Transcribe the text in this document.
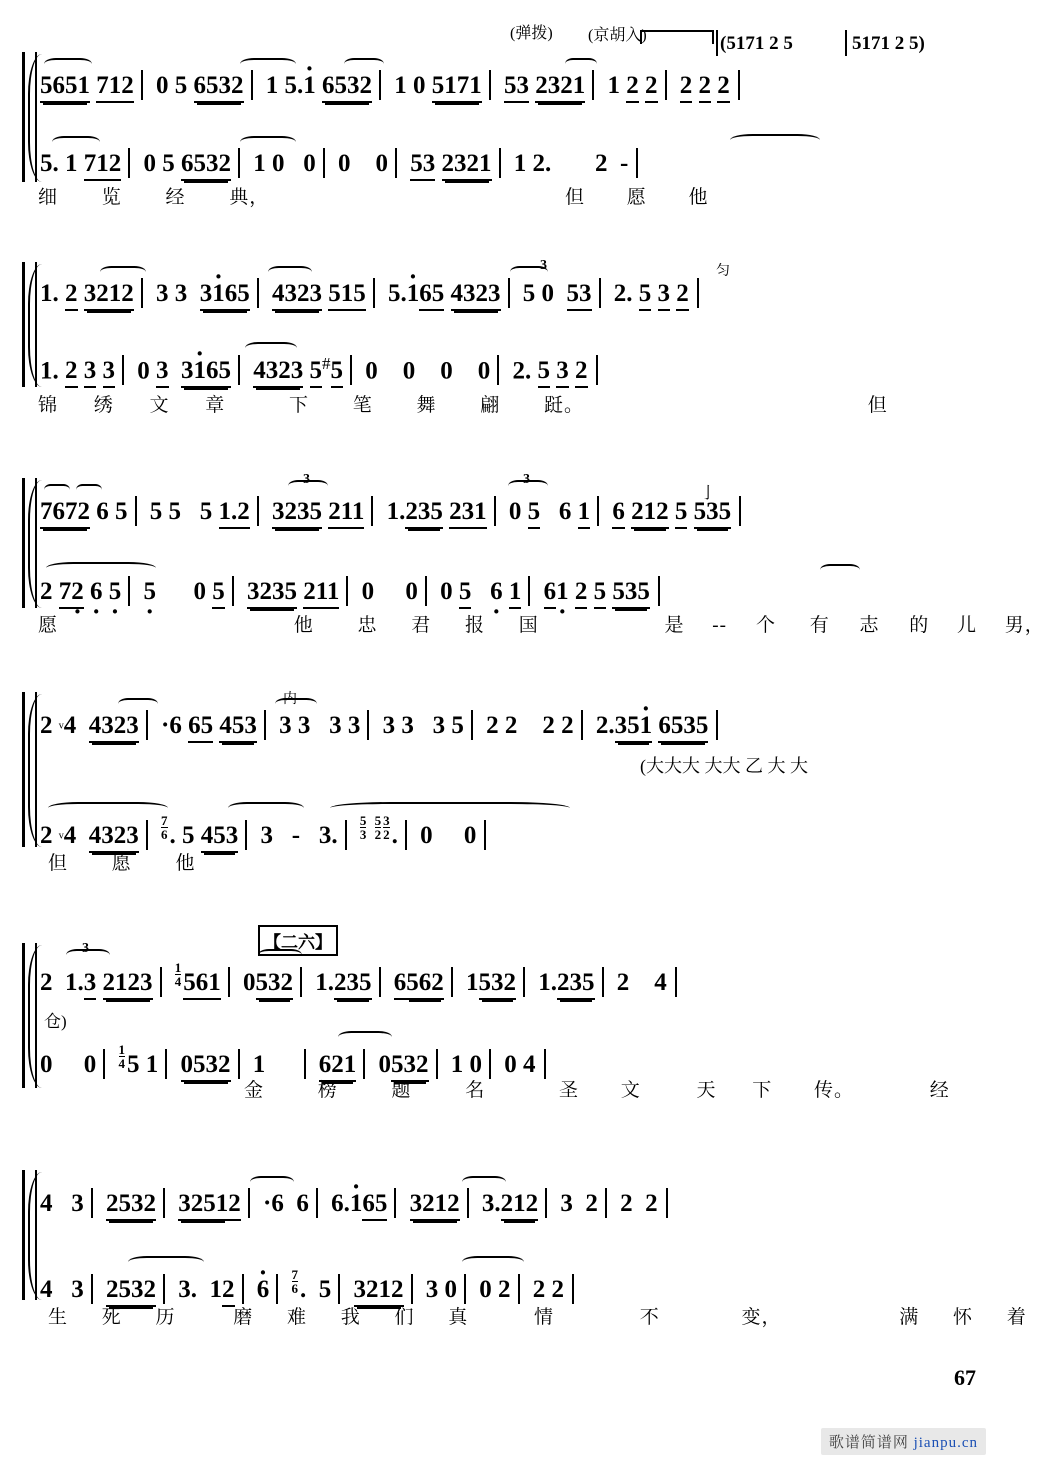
(弹拨) (京胡入)	(5171 2 5	5171 2 5)
5651 712 0 5 6532 1 5.· 1 6532 1 0 5171 53 2321 1 2 2 2 2 2
5. 1 712 0 5 6532 1 0   0 0    0 53 2321 1 2.       2  -
细 览 经 典，	但 愿 他
1. 2 3212 3 3  3· 165 4323 515 5.· 165 4323 5 0  53 2. 5 3 2
3	匀
1. 2 3 3 0 3 3· 165 4323 5#5 0    0    0    0 2. 5 3 2
锦 绣 文 章	下 笔 舞 翩 跹。	但
7672 6 5 5 5   5 1.2 3235 211 1.235 231 0 5   6 1 6 212 5 535
3	3
亅
2 72 · 6 · 5 · 5 ·      0 5 3235 211 0     0 0 5 6 · 1 61 · 2 5 535
愿	他 忠 君 报 国	是 -- 个 有 志 的 儿 男，
2 ᵛ4  4323 ·6 65 453 3 3   3 3 3 3   3 5 2 2    2 2 2.35· 1 6535
内
(大大大 大大 乙 大 大
2 ᵛ4  4323
7
6. 5 453 3   -   3.
5
3
5
2
3
2. 0     0
但 愿 他
【二六】
2  1.3 2123
1
4561 0532 1.235 6562 1532 1.235 2    4
3
仓)
0     0
1
45 1 0532 1      621 0532 1 0 0 4
金	榜	题	名	圣 文	天 下 传。	经
4   3 2532 32512 ·6  6 6.· 165 3212 3.212 3  2 2  2
4   3 2532 3.  12 · 6
7
6.  5 3212 3 0 0 2 2 2
生 死 历	磨 难 我 们 真	情	不	变，	满 怀 着
67
歌谱简谱网 jianpu.cn
